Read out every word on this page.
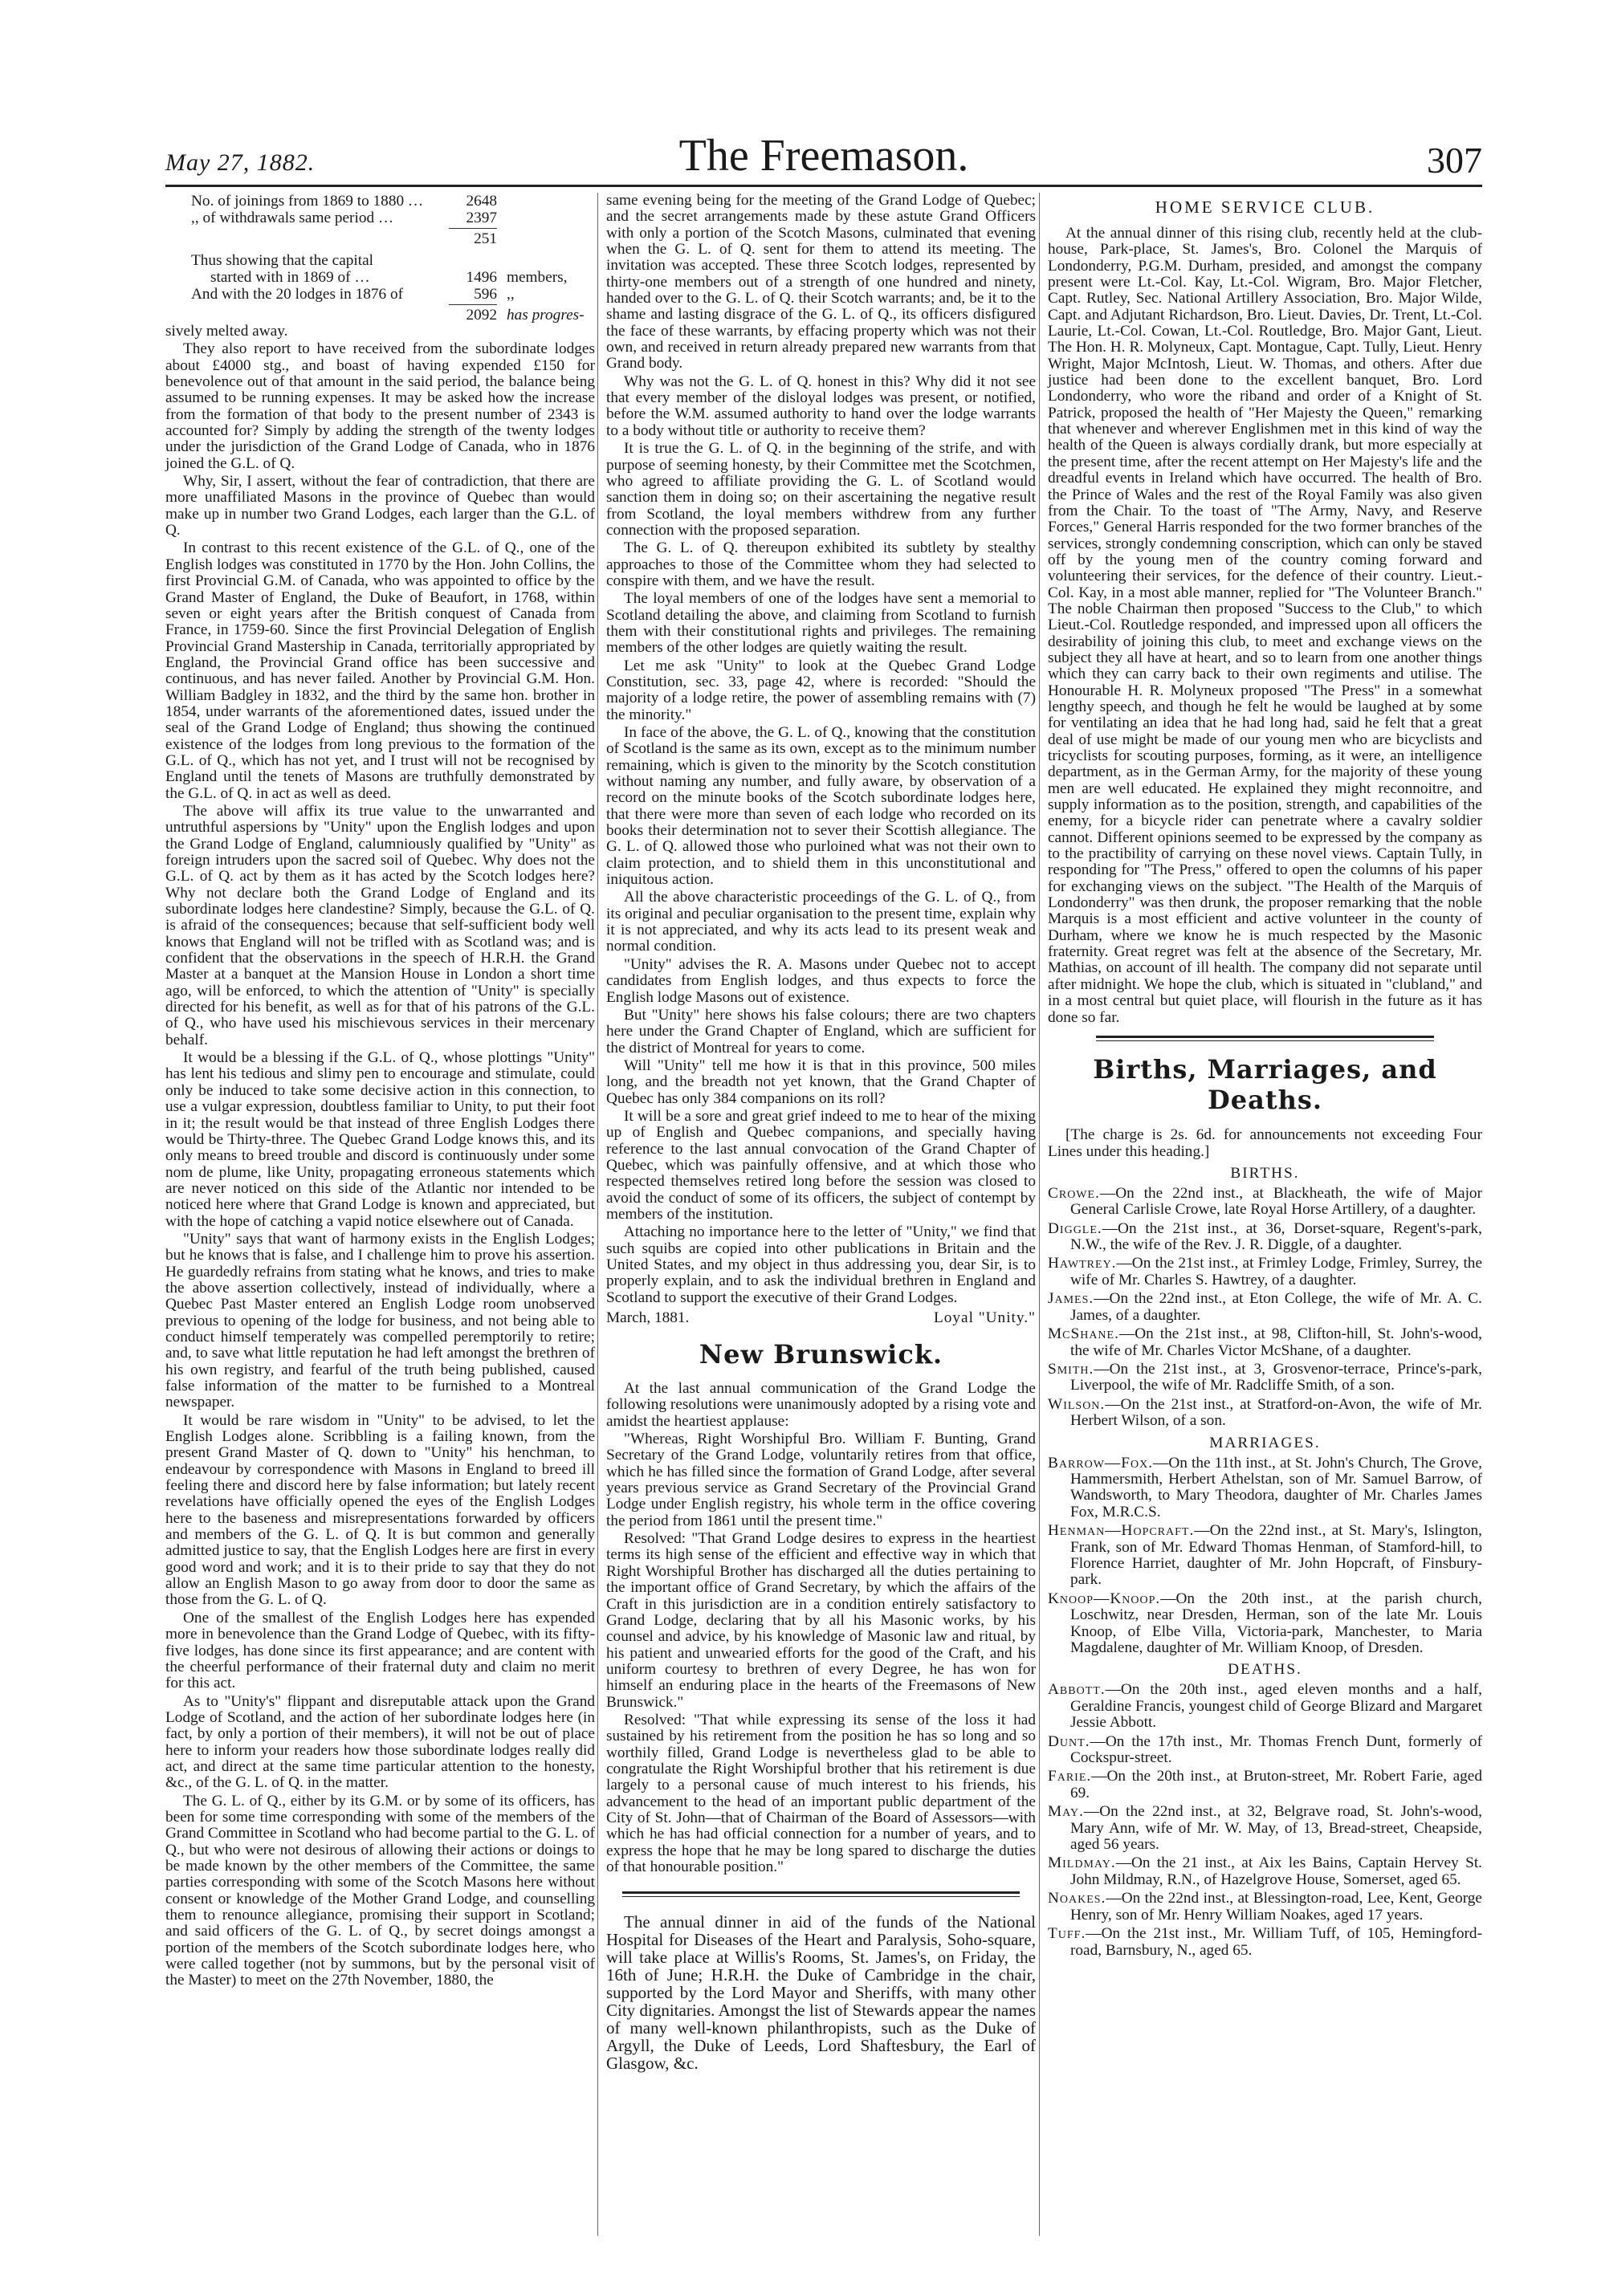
May 27, 1882.	The Freemason.	307
No. of joinings from 1869 to 1880 …	2648
,, of withdrawals same period …	2397
251
Thus showing that the capital
started with in 1869 of …	1496 members,
And with the 20 lodges in 1876 of	596 ,,
2092 has progres-

sively melted away.

They also report to have received from the subordinate lodges about £4000 stg., and boast of having expended £150 for benevolence out of that amount in the said period, the balance being assumed to be running expenses. It may be asked how the increase from the formation of that body to the present number of 2343 is accounted for? Simply by adding the strength of the twenty lodges under the jurisdiction of the Grand Lodge of Canada, who in 1876 joined the G.L. of Q.

Why, Sir, I assert, without the fear of contradiction, that there are more unaffiliated Masons in the province of Quebec than would make up in number two Grand Lodges, each larger than the G.L. of Q.

In contrast to this recent existence of the G.L. of Q., one of the English lodges was constituted in 1770 by the Hon. John Collins, the first Provincial G.M. of Canada, who was appointed to office by the Grand Master of England, the Duke of Beaufort, in 1768, within seven or eight years after the British conquest of Canada from France, in 1759-60. Since the first Provincial Delegation of English Provincial Grand Mastership in Canada, territorially appropriated by England, the Provincial Grand office has been successive and continuous, and has never failed. Another by Provincial G.M. Hon. William Badgley in 1832, and the third by the same hon. brother in 1854, under warrants of the aforementioned dates, issued under the seal of the Grand Lodge of England; thus showing the continued existence of the lodges from long previous to the formation of the G.L. of Q., which has not yet, and I trust will not be recognised by England until the tenets of Masons are truthfully demonstrated by the G.L. of Q. in act as well as deed.

The above will affix its true value to the unwarranted and untruthful aspersions by "Unity" upon the English lodges and upon the Grand Lodge of England, calumniously qualified by "Unity" as foreign intruders upon the sacred soil of Quebec. Why does not the G.L. of Q. act by them as it has acted by the Scotch lodges here? Why not declare both the Grand Lodge of England and its subordinate lodges here clandestine? Simply, because the G.L. of Q. is afraid of the consequences; because that self-sufficient body well knows that England will not be trifled with as Scotland was; and is confident that the observations in the speech of H.R.H. the Grand Master at a banquet at the Mansion House in London a short time ago, will be enforced, to which the attention of "Unity" is specially directed for his benefit, as well as for that of his patrons of the G.L. of Q., who have used his mischievous services in their mercenary behalf.

It would be a blessing if the G.L. of Q., whose plottings "Unity" has lent his tedious and slimy pen to encourage and stimulate, could only be induced to take some decisive action in this connection, to use a vulgar expression, doubtless familiar to Unity, to put their foot in it; the result would be that instead of three English Lodges there would be Thirty-three. The Quebec Grand Lodge knows this, and its only means to breed trouble and discord is continuously under some nom de plume, like Unity, propagating erroneous statements which are never noticed on this side of the Atlantic nor intended to be noticed here where that Grand Lodge is known and appreciated, but with the hope of catching a vapid notice elsewhere out of Canada.

"Unity" says that want of harmony exists in the English Lodges; but he knows that is false, and I challenge him to prove his assertion. He guardedly refrains from stating what he knows, and tries to make the above assertion collectively, instead of individually, where a Quebec Past Master entered an English Lodge room unobserved previous to opening of the lodge for business, and not being able to conduct himself temperately was compelled peremptorily to retire; and, to save what little reputation he had left amongst the brethren of his own registry, and fearful of the truth being published, caused false information of the matter to be furnished to a Montreal newspaper.

It would be rare wisdom in "Unity" to be advised, to let the English Lodges alone. Scribbling is a failing known, from the present Grand Master of Q. down to "Unity" his henchman, to endeavour by correspondence with Masons in England to breed ill feeling there and discord here by false information; but lately recent revelations have officially opened the eyes of the English Lodges here to the baseness and misrepresentations forwarded by officers and members of the G. L. of Q. It is but common and generally admitted justice to say, that the English Lodges here are first in every good word and work; and it is to their pride to say that they do not allow an English Mason to go away from door to door the same as those from the G. L. of Q.

One of the smallest of the English Lodges here has expended more in benevolence than the Grand Lodge of Quebec, with its fifty-five lodges, has done since its first appearance; and are content with the cheerful performance of their fraternal duty and claim no merit for this act.

As to "Unity's" flippant and disreputable attack upon the Grand Lodge of Scotland, and the action of her subordinate lodges here (in fact, by only a portion of their members), it will not be out of place here to inform your readers how those subordinate lodges really did act, and direct at the same time particular attention to the honesty, &c., of the G. L. of Q. in the matter.

The G. L. of Q., either by its G.M. or by some of its officers, has been for some time corresponding with some of the members of the Grand Committee in Scotland who had become partial to the G. L. of Q., but who were not desirous of allowing their actions or doings to be made known by the other members of the Committee, the same parties corresponding with some of the Scotch Masons here without consent or knowledge of the Mother Grand Lodge, and counselling them to renounce allegiance, promising their support in Scotland; and said officers of the G. L. of Q., by secret doings amongst a portion of the members of the Scotch subordinate lodges here, who were called together (not by summons, but by the personal visit of the Master) to meet on the 27th November, 1880, the

same evening being for the meeting of the Grand Lodge of Quebec; and the secret arrangements made by these astute Grand Officers with only a portion of the Scotch Masons, culminated that evening when the G. L. of Q. sent for them to attend its meeting. The invitation was accepted. These three Scotch lodges, represented by thirty-one members out of a strength of one hundred and ninety, handed over to the G. L. of Q. their Scotch warrants; and, be it to the shame and lasting disgrace of the G. L. of Q., its officers disfigured the face of these warrants, by effacing property which was not their own, and received in return already prepared new warrants from that Grand body.

Why was not the G. L. of Q. honest in this? Why did it not see that every member of the disloyal lodges was present, or notified, before the W.M. assumed authority to hand over the lodge warrants to a body without title or authority to receive them?

It is true the G. L. of Q. in the beginning of the strife, and with purpose of seeming honesty, by their Committee met the Scotchmen, who agreed to affiliate providing the G. L. of Scotland would sanction them in doing so; on their ascertaining the negative result from Scotland, the loyal members withdrew from any further connection with the proposed separation.

The G. L. of Q. thereupon exhibited its subtlety by stealthy approaches to those of the Committee whom they had selected to conspire with them, and we have the result.

The loyal members of one of the lodges have sent a memorial to Scotland detailing the above, and claiming from Scotland to furnish them with their constitutional rights and privileges. The remaining members of the other lodges are quietly waiting the result.

Let me ask "Unity" to look at the Quebec Grand Lodge Constitution, sec. 33, page 42, where is recorded: "Should the majority of a lodge retire, the power of assembling remains with (7) the minority."

In face of the above, the G. L. of Q., knowing that the constitution of Scotland is the same as its own, except as to the minimum number remaining, which is given to the minority by the Scotch constitution without naming any number, and fully aware, by observation of a record on the minute books of the Scotch subordinate lodges here, that there were more than seven of each lodge who recorded on its books their determination not to sever their Scottish allegiance. The G. L. of Q. allowed those who purloined what was not their own to claim protection, and to shield them in this unconstitutional and iniquitous action.

All the above characteristic proceedings of the G. L. of Q., from its original and peculiar organisation to the present time, explain why it is not appreciated, and why its acts lead to its present weak and normal condition.

"Unity" advises the R. A. Masons under Quebec not to accept candidates from English lodges, and thus expects to force the English lodge Masons out of existence.

But "Unity" here shows his false colours; there are two chapters here under the Grand Chapter of England, which are sufficient for the district of Montreal for years to come.

Will "Unity" tell me how it is that in this province, 500 miles long, and the breadth not yet known, that the Grand Chapter of Quebec has only 384 companions on its roll?

It will be a sore and great grief indeed to me to hear of the mixing up of English and Quebec companions, and specially having reference to the last annual convocation of the Grand Chapter of Quebec, which was painfully offensive, and at which those who respected themselves retired long before the session was closed to avoid the conduct of some of its officers, the subject of contempt by members of the institution.

Attaching no importance here to the letter of "Unity," we find that such squibs are copied into other publications in Britain and the United States, and my object in thus addressing you, dear Sir, is to properly explain, and to ask the individual brethren in England and Scotland to support the executive of their Grand Lodges.

March, 1881.	Loyal "Unity."
New Brunswick.

At the last annual communication of the Grand Lodge the following resolutions were unanimously adopted by a rising vote and amidst the heartiest applause:

"Whereas, Right Worshipful Bro. William F. Bunting, Grand Secretary of the Grand Lodge, voluntarily retires from that office, which he has filled since the formation of Grand Lodge, after several years previous service as Grand Secretary of the Provincial Grand Lodge under English registry, his whole term in the office covering the period from 1861 until the present time."

Resolved: "That Grand Lodge desires to express in the heartiest terms its high sense of the efficient and effective way in which that Right Worshipful Brother has discharged all the duties pertaining to the important office of Grand Secretary, by which the affairs of the Craft in this jurisdiction are in a condition entirely satisfactory to Grand Lodge, declaring that by all his Masonic works, by his counsel and advice, by his knowledge of Masonic law and ritual, by his patient and unwearied efforts for the good of the Craft, and his uniform courtesy to brethren of every Degree, he has won for himself an enduring place in the hearts of the Freemasons of New Brunswick."

Resolved: "That while expressing its sense of the loss it had sustained by his retirement from the position he has so long and so worthily filled, Grand Lodge is nevertheless glad to be able to congratulate the Right Worshipful brother that his retirement is due largely to a personal cause of much interest to his friends, his advancement to the head of an important public department of the City of St. John—that of Chairman of the Board of Assessors—with which he has had official connection for a number of years, and to express the hope that he may be long spared to discharge the duties of that honourable position."

The annual dinner in aid of the funds of the National Hospital for Diseases of the Heart and Paralysis, Soho-square, will take place at Willis's Rooms, St. James's, on Friday, the 16th of June; H.R.H. the Duke of Cambridge in the chair, supported by the Lord Mayor and Sheriffs, with many other City dignitaries. Amongst the list of Stewards appear the names of many well-known philanthropists, such as the Duke of Argyll, the Duke of Leeds, Lord Shaftesbury, the Earl of Glasgow, &c.

HOME SERVICE CLUB.

At the annual dinner of this rising club, recently held at the club-house, Park-place, St. James's, Bro. Colonel the Marquis of Londonderry, P.G.M. Durham, presided, and amongst the company present were Lt.-Col. Kay, Lt.-Col. Wigram, Bro. Major Fletcher, Capt. Rutley, Sec. National Artillery Association, Bro. Major Wilde, Capt. and Adjutant Richardson, Bro. Lieut. Davies, Dr. Trent, Lt.-Col. Laurie, Lt.-Col. Cowan, Lt.-Col. Routledge, Bro. Major Gant, Lieut. The Hon. H. R. Molyneux, Capt. Montague, Capt. Tully, Lieut. Henry Wright, Major McIntosh, Lieut. W. Thomas, and others. After due justice had been done to the excellent banquet, Bro. Lord Londonderry, who wore the riband and order of a Knight of St. Patrick, proposed the health of "Her Majesty the Queen," remarking that whenever and wherever Englishmen met in this kind of way the health of the Queen is always cordially drank, but more especially at the present time, after the recent attempt on Her Majesty's life and the dreadful events in Ireland which have occurred. The health of Bro. the Prince of Wales and the rest of the Royal Family was also given from the Chair. To the toast of "The Army, Navy, and Reserve Forces," General Harris responded for the two former branches of the services, strongly condemning conscription, which can only be staved off by the young men of the country coming forward and volunteering their services, for the defence of their country. Lieut.-Col. Kay, in a most able manner, replied for "The Volunteer Branch." The noble Chairman then proposed "Success to the Club," to which Lieut.-Col. Routledge responded, and impressed upon all officers the desirability of joining this club, to meet and exchange views on the subject they all have at heart, and so to learn from one another things which they can carry back to their own regiments and utilise. The Honourable H. R. Molyneux proposed "The Press" in a somewhat lengthy speech, and though he felt he would be laughed at by some for ventilating an idea that he had long had, said he felt that a great deal of use might be made of our young men who are bicyclists and tricyclists for scouting purposes, forming, as it were, an intelligence department, as in the German Army, for the majority of these young men are well educated. He explained they might reconnoitre, and supply information as to the position, strength, and capabilities of the enemy, for a bicycle rider can penetrate where a cavalry soldier cannot. Different opinions seemed to be expressed by the company as to the practibility of carrying on these novel views. Captain Tully, in responding for "The Press," offered to open the columns of his paper for exchanging views on the subject. "The Health of the Marquis of Londonderry" was then drunk, the proposer remarking that the noble Marquis is a most efficient and active volunteer in the county of Durham, where we know he is much respected by the Masonic fraternity. Great regret was felt at the absence of the Secretary, Mr. Mathias, on account of ill health. The company did not separate until after midnight. We hope the club, which is situated in "clubland," and in a most central but quiet place, will flourish in the future as it has done so far.

Births, Marriages, and Deaths.
[The charge is 2s. 6d. for announcements not exceeding Four Lines under this heading.]
BIRTHS.
Crowe.—On the 22nd inst., at Blackheath, the wife of Major General Carlisle Crowe, late Royal Horse Artillery, of a daughter.
Diggle.—On the 21st inst., at 36, Dorset-square, Regent's-park, N.W., the wife of the Rev. J. R. Diggle, of a daughter.
Hawtrey.—On the 21st inst., at Frimley Lodge, Frimley, Surrey, the wife of Mr. Charles S. Hawtrey, of a daughter.
James.—On the 22nd inst., at Eton College, the wife of Mr. A. C. James, of a daughter.
McShane.—On the 21st inst., at 98, Clifton-hill, St. John's-wood, the wife of Mr. Charles Victor McShane, of a daughter.
Smith.—On the 21st inst., at 3, Grosvenor-terrace, Prince's-park, Liverpool, the wife of Mr. Radcliffe Smith, of a son.
Wilson.—On the 21st inst., at Stratford-on-Avon, the wife of Mr. Herbert Wilson, of a son.
MARRIAGES.
Barrow—Fox.—On the 11th inst., at St. John's Church, The Grove, Hammersmith, Herbert Athelstan, son of Mr. Samuel Barrow, of Wandsworth, to Mary Theodora, daughter of Mr. Charles James Fox, M.R.C.S.
Henman—Hopcraft.—On the 22nd inst., at St. Mary's, Islington, Frank, son of Mr. Edward Thomas Henman, of Stamford-hill, to Florence Harriet, daughter of Mr. John Hopcraft, of Finsbury-park.
Knoop—Knoop.—On the 20th inst., at the parish church, Loschwitz, near Dresden, Herman, son of the late Mr. Louis Knoop, of Elbe Villa, Victoria-park, Manchester, to Maria Magdalene, daughter of Mr. William Knoop, of Dresden.
DEATHS.
Abbott.—On the 20th inst., aged eleven months and a half, Geraldine Francis, youngest child of George Blizard and Margaret Jessie Abbott.
Dunt.—On the 17th inst., Mr. Thomas French Dunt, formerly of Cockspur-street.
Farie.—On the 20th inst., at Bruton-street, Mr. Robert Farie, aged 69.
May.—On the 22nd inst., at 32, Belgrave road, St. John's-wood, Mary Ann, wife of Mr. W. May, of 13, Bread-street, Cheapside, aged 56 years.
Mildmay.—On the 21 inst., at Aix les Bains, Captain Hervey St. John Mildmay, R.N., of Hazelgrove House, Somerset, aged 65.
Noakes.—On the 22nd inst., at Blessington-road, Lee, Kent, George Henry, son of Mr. Henry William Noakes, aged 17 years.
Tuff.—On the 21st inst., Mr. William Tuff, of 105, Hemingford-road, Barnsbury, N., aged 65.
